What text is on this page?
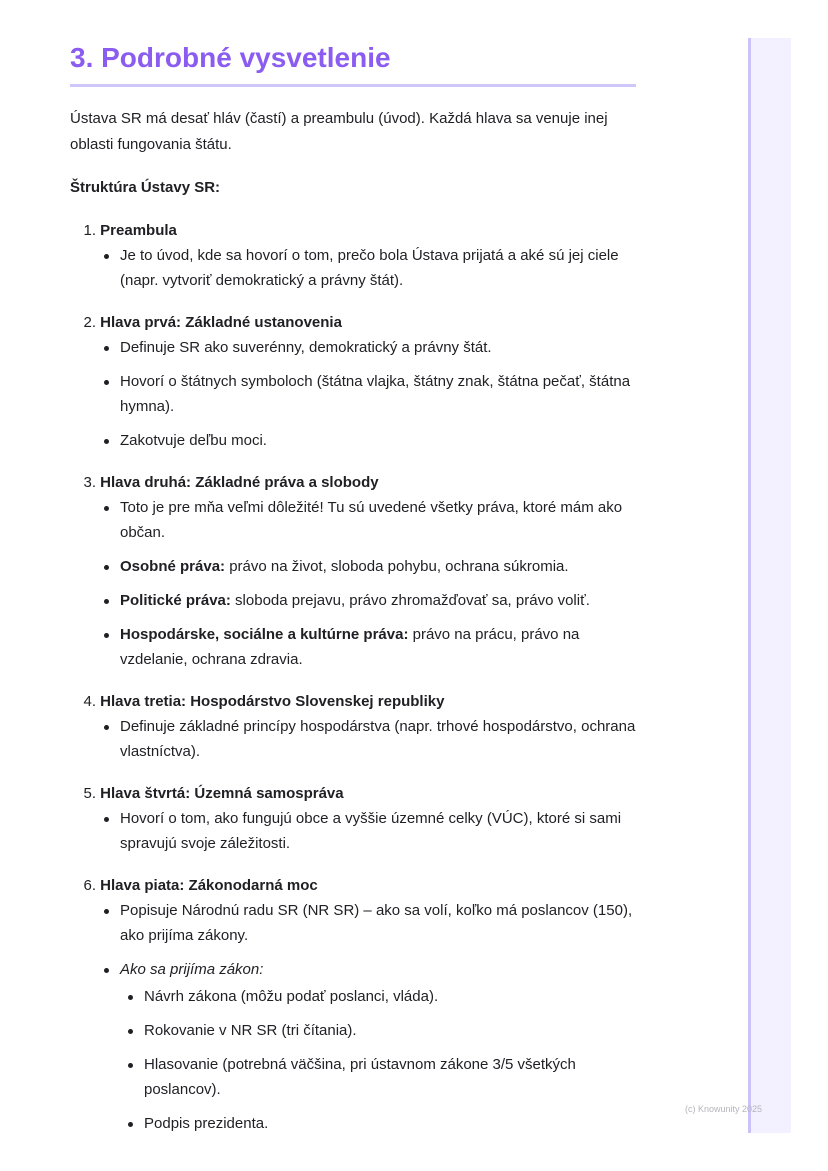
3. Podrobné vysvetlenie

Ústava SR má desať hláv (častí) a preambulu (úvod). Každá hlava sa venuje inej oblasti fungovania štátu.

Štruktúra Ústavy SR:

1. Preambula
Je to úvod, kde sa hovorí o tom, prečo bola Ústava prijatá a aké sú jej ciele (napr. vytvoriť demokratický a právny štát).
2. Hlava prvá: Základné ustanovenia
Definuje SR ako suverénny, demokratický a právny štát.
Hovorí o štátnych symboloch (štátna vlajka, štátny znak, štátna pečať, štátna hymna).
Zakotvuje deľbu moci.
3. Hlava druhá: Základné práva a slobody
Toto je pre mňa veľmi dôležité! Tu sú uvedené všetky práva, ktoré mám ako občan.
Osobné práva: právo na život, sloboda pohybu, ochrana súkromia.
Politické práva: sloboda prejavu, právo zhromažďovať sa, právo voliť.
Hospodárske, sociálne a kultúrne práva: právo na prácu, právo na vzdelanie, ochrana zdravia.
4. Hlava tretia: Hospodárstvo Slovenskej republiky
Definuje základné princípy hospodárstva (napr. trhové hospodárstvo, ochrana vlastníctva).
5. Hlava štvrtá: Územná samospráva
Hovorí o tom, ako fungujú obce a vyššie územné celky (VÚC), ktoré si sami spravujú svoje záležitosti.
6. Hlava piata: Zákonodarná moc
Popisuje Národnú radu SR (NR SR) – ako sa volí, koľko má poslancov (150), ako prijíma zákony.
Ako sa prijíma zákon:
Návrh zákona (môžu podať poslanci, vláda).
Rokovanie v NR SR (tri čítania).
Hlasovanie (potrebná väčšina, pri ústavnom zákone 3/5 všetkých poslancov).
Podpis prezidenta.
(c) Knowunity 2025
